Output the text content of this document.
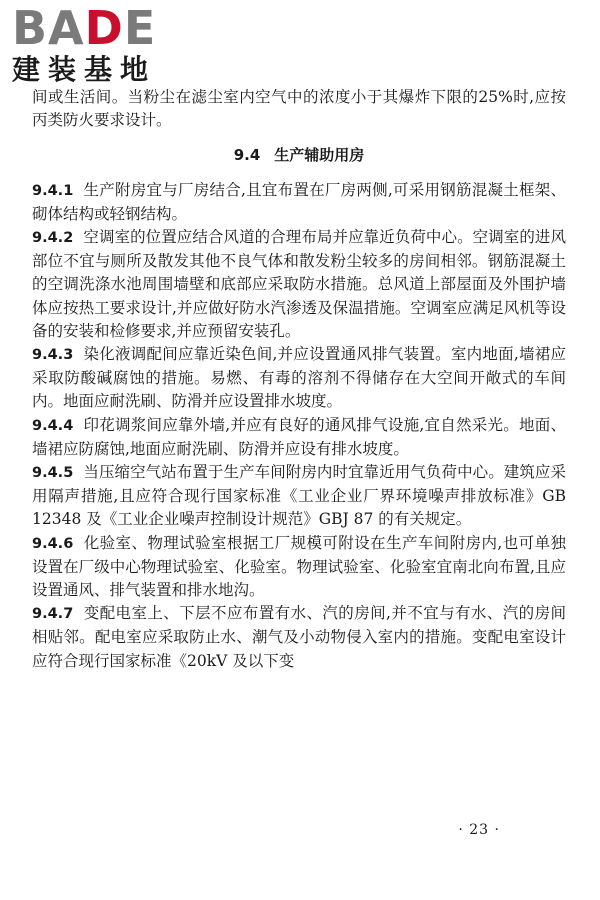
BADE
建装基地

间或生活间。当粉尘在滤尘室内空气中的浓度小于其爆炸下限的25%时,应按丙类防火要求设计。

9.4 生产辅助用房

9.4.1 生产附房宜与厂房结合,且宜布置在厂房两侧,可采用钢筋混凝土框架、砌体结构或轻钢结构。

9.4.2 空调室的位置应结合风道的合理布局并应靠近负荷中心。空调室的进风部位不宜与厕所及散发其他不良气体和散发粉尘较多的房间相邻。钢筋混凝土的空调洗涤水池周围墙壁和底部应采取防水措施。总风道上部屋面及外围护墙体应按热工要求设计,并应做好防水汽渗透及保温措施。空调室应满足风机等设备的安装和检修要求,并应预留安装孔。

9.4.3 染化液调配间应靠近染色间,并应设置通风排气装置。室内地面,墙裙应采取防酸碱腐蚀的措施。易燃、有毒的溶剂不得储存在大空间开敞式的车间内。地面应耐洗刷、防滑并应设置排水坡度。

9.4.4 印花调浆间应靠外墙,并应有良好的通风排气设施,宜自然采光。地面、墙裙应防腐蚀,地面应耐洗刷、防滑并应设有排水坡度。

9.4.5 当压缩空气站布置于生产车间附房内时宜靠近用气负荷中心。建筑应采用隔声措施,且应符合现行国家标准《工业企业厂界环境噪声排放标准》GB 12348 及《工业企业噪声控制设计规范》GBJ 87 的有关规定。

9.4.6 化验室、物理试验室根据工厂规模可附设在生产车间附房内,也可单独设置在厂级中心物理试验室、化验室。物理试验室、化验室宜南北向布置,且应设置通风、排气装置和排水地沟。

9.4.7 变配电室上、下层不应布置有水、汽的房间,并不宜与有水、汽的房间相贴邻。配电室应采取防止水、潮气及小动物侵入室内的措施。变配电室设计应符合现行国家标准《20kV 及以下变

· 23 ·
